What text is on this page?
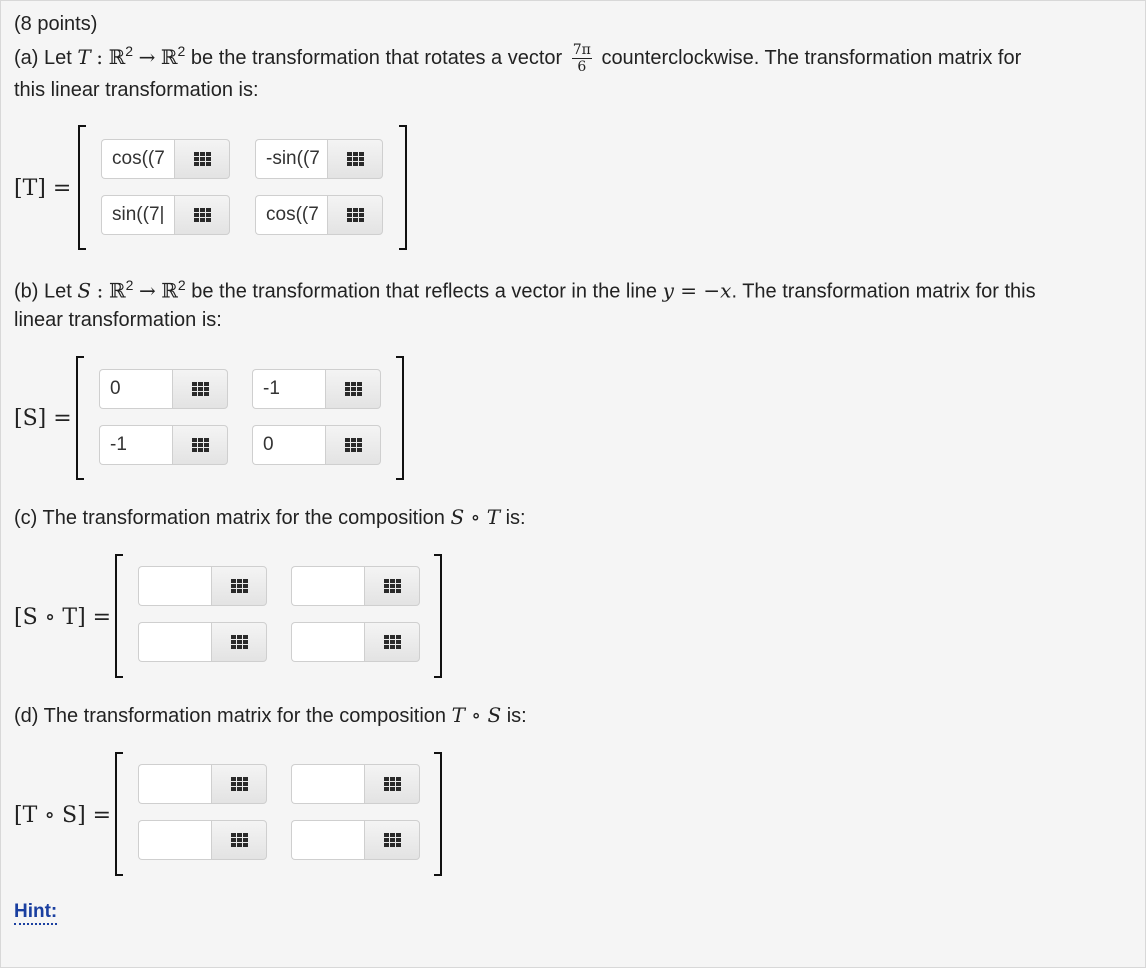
(8 points)
(a) Let T : ℝ$^2$ → ℝ$^2$ be the transformation that rotates a vector $\frac{7\pi}{6}$ counterclockwise. The transformation matrix for
this linear transformation is:
[T] =
cos((7	-sin((7
sin((7|	cos((7
(b) Let S : ℝ$^2$ → ℝ$^2$ be the transformation that reflects a vector in the line y = −x. The transformation matrix for this
linear transformation is:
[S] =
0	-1
-1	0
(c) The transformation matrix for the composition S ∘ T is:
[S ∘ T] =
(d) The transformation matrix for the composition T ∘ S is:
[T ∘ S] =
Hint:
